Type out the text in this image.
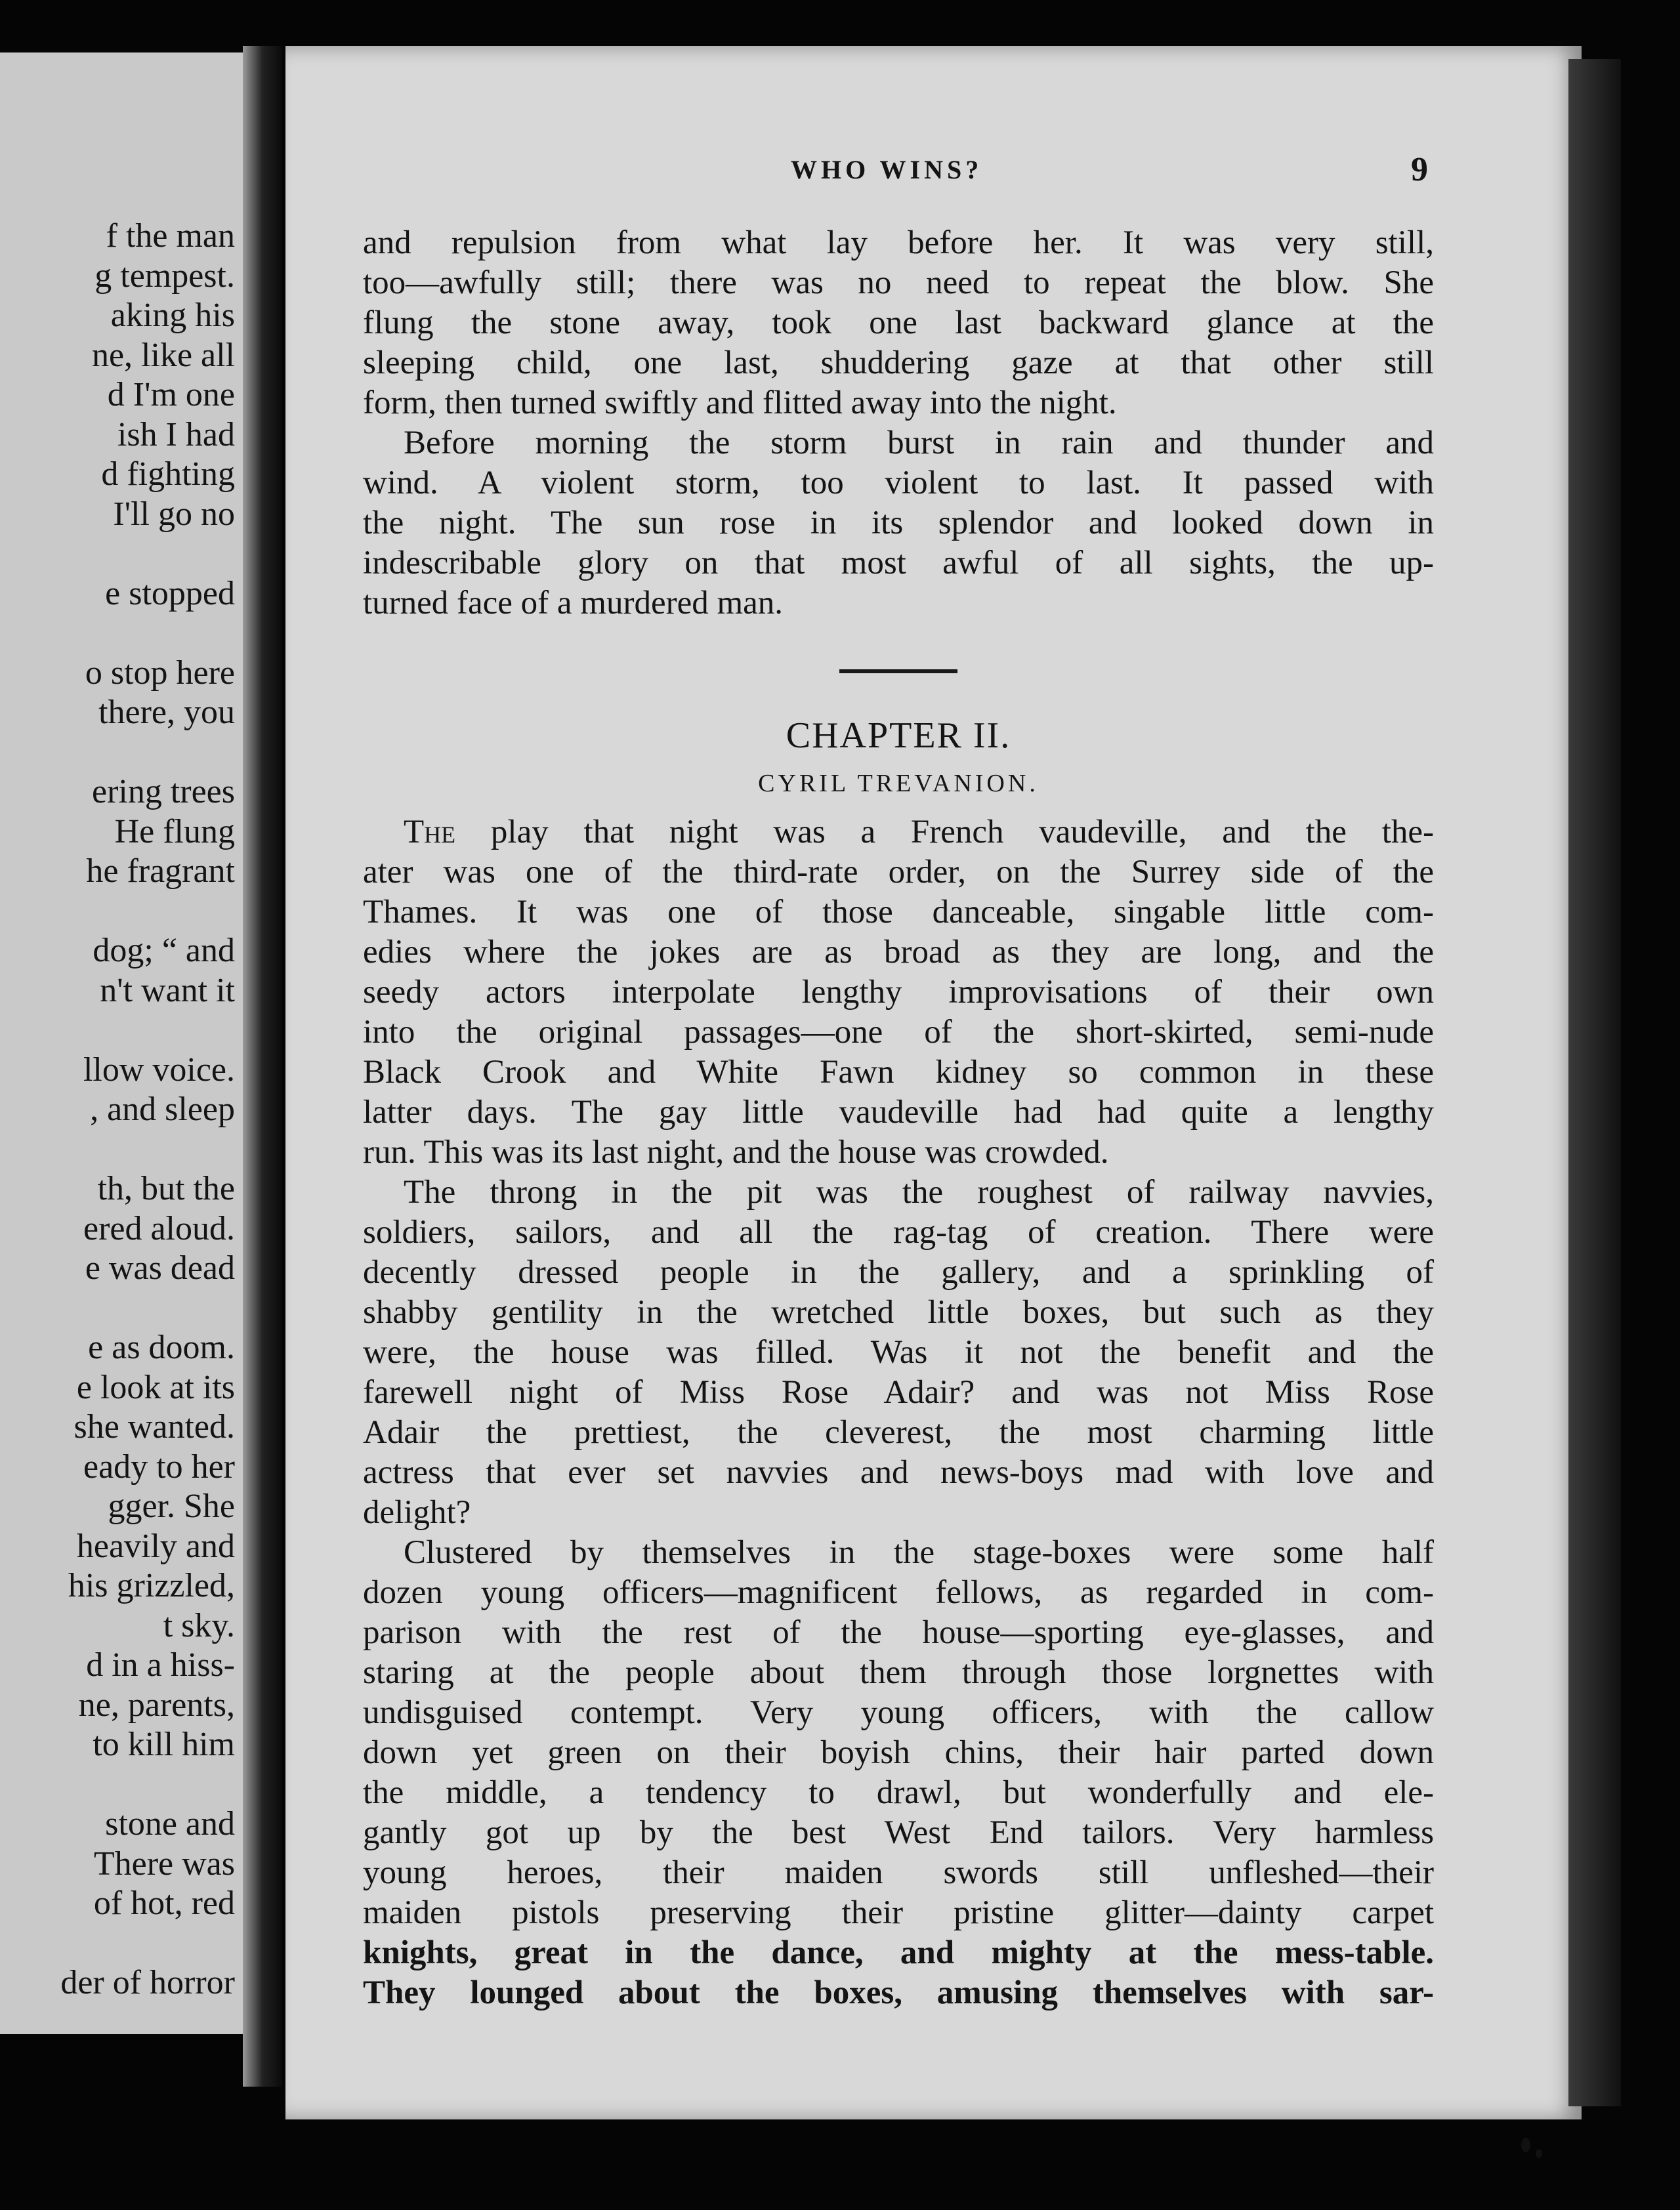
f the man
g tempest.
aking his
ne, like all
d I'm one
ish I had
d fighting
I'll go no
e stopped
o stop here
there, you
ering trees
He flung
he fragrant
dog; “ and
n't want it
llow voice.
, and sleep
th, but the
ered aloud.
e was dead
e as doom.
e look at its
she wanted.
eady to her
gger. She
heavily and
his grizzled,
t sky.
d in a hiss-
ne, parents,
to kill him
stone and
There was
of hot, red
der of horror
WHO WINS?	9
and repulsion from what lay before her. It was very still,
too—awfully still; there was no need to repeat the blow. She
flung the stone away, took one last backward glance at the
sleeping child, one last, shuddering gaze at that other still
form, then turned swiftly and flitted away into the night.
Before morning the storm burst in rain and thunder and
wind. A violent storm, too violent to last. It passed with
the night. The sun rose in its splendor and looked down in
indescribable glory on that most awful of all sights, the up-
turned face of a murdered man.
CHAPTER II.
CYRIL TREVANION.
The play that night was a French vaudeville, and the the-
ater was one of the third-rate order, on the Surrey side of the
Thames. It was one of those danceable, singable little com-
edies where the jokes are as broad as they are long, and the
seedy actors interpolate lengthy improvisations of their own
into the original passages—one of the short-skirted, semi-nude
Black Crook and White Fawn kidney so common in these
latter days. The gay little vaudeville had had quite a lengthy
run. This was its last night, and the house was crowded.
The throng in the pit was the roughest of railway navvies,
soldiers, sailors, and all the rag-tag of creation. There were
decently dressed people in the gallery, and a sprinkling of
shabby gentility in the wretched little boxes, but such as they
were, the house was filled. Was it not the benefit and the
farewell night of Miss Rose Adair? and was not Miss Rose
Adair the prettiest, the cleverest, the most charming little
actress that ever set navvies and news-boys mad with love and
delight?
Clustered by themselves in the stage-boxes were some half
dozen young officers—magnificent fellows, as regarded in com-
parison with the rest of the house—sporting eye-glasses, and
staring at the people about them through those lorgnettes with
undisguised contempt. Very young officers, with the callow
down yet green on their boyish chins, their hair parted down
the middle, a tendency to drawl, but wonderfully and ele-
gantly got up by the best West End tailors. Very harmless
young heroes, their maiden swords still unfleshed—their
maiden pistols preserving their pristine glitter—dainty carpet
knights, great in the dance, and mighty at the mess-table.
They lounged about the boxes, amusing themselves with sar-
